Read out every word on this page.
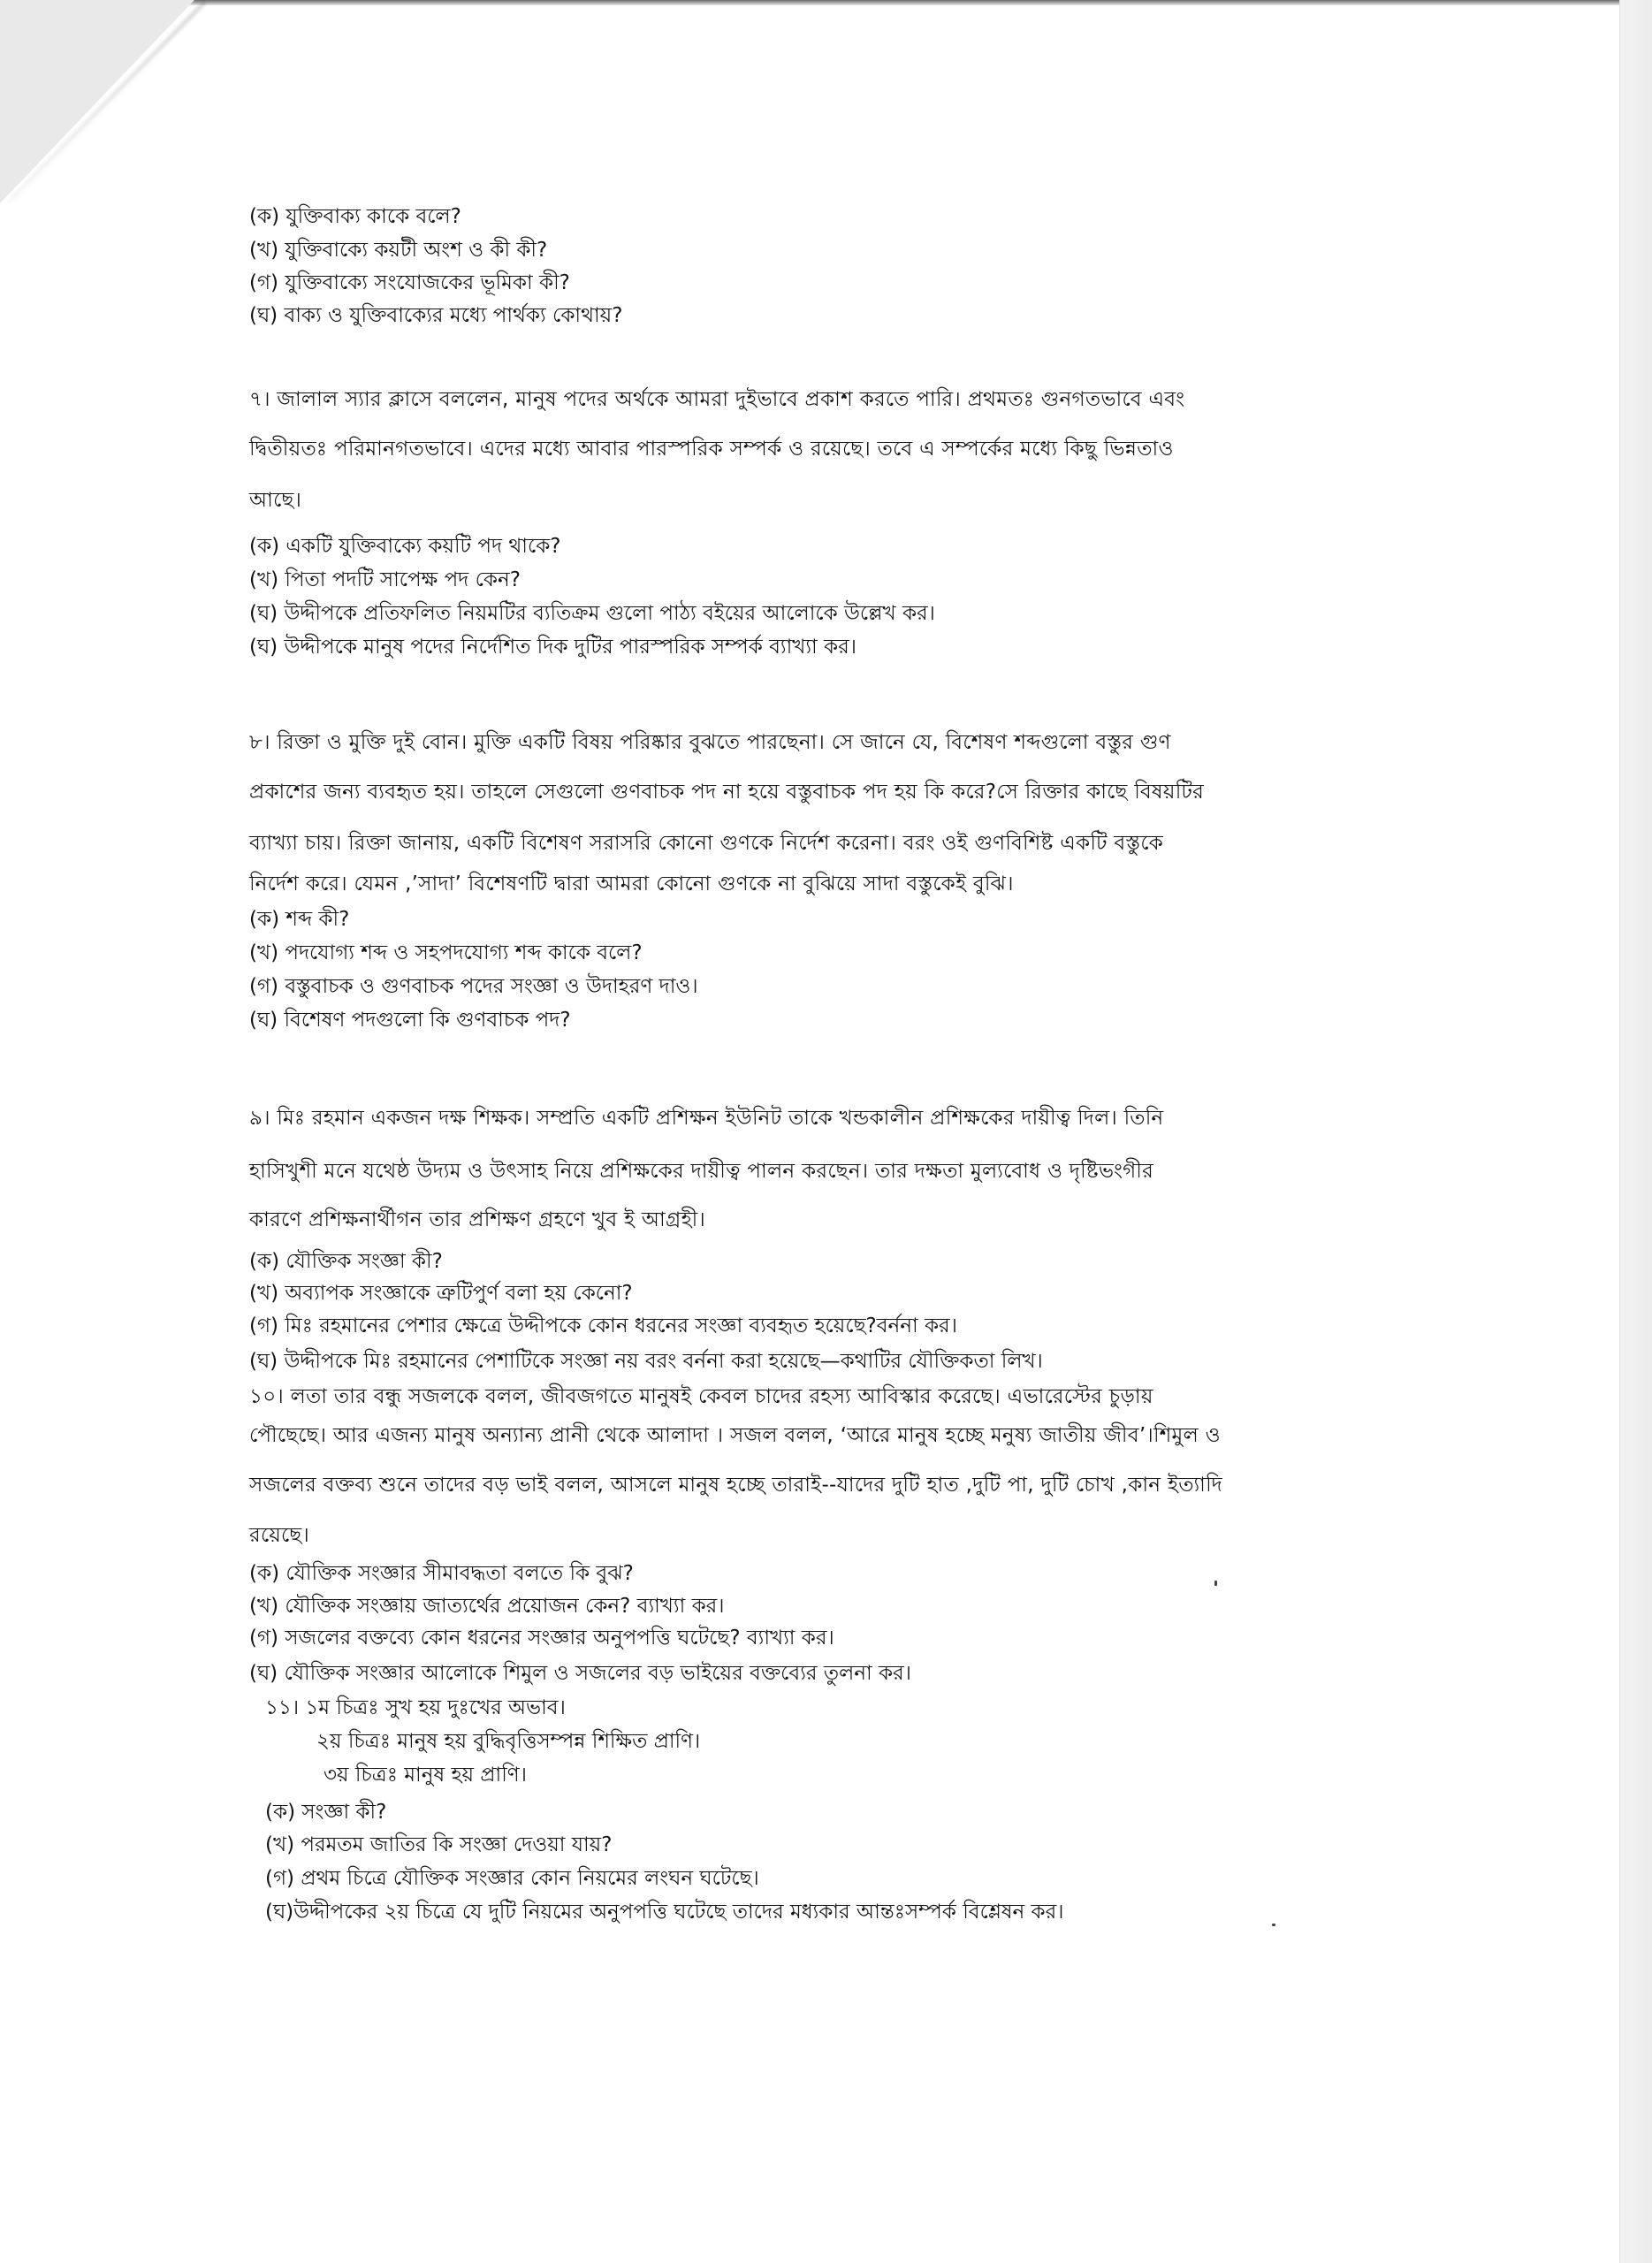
(ক) যুক্তিবাক্য কাকে বলে?
(খ) যুক্তিবাক্যে কয়টী অংশ ও কী কী?
(গ) যুক্তিবাক্যে সংযোজকের ভূমিকা কী?
(ঘ) বাক্য ও যুক্তিবাক্যের মধ্যে পার্থক্য কোথায়?
৭। জালাল স্যার ক্লাসে বললেন, মানুষ পদের অর্থকে আমরা দুইভাবে প্রকাশ করতে পারি। প্রথমতঃ গুনগতভাবে এবং
দ্বিতীয়তঃ পরিমানগতভাবে। এদের মধ্যে আবার পারস্পরিক সম্পর্ক ও রয়েছে। তবে এ সম্পর্কের মধ্যে কিছু ভিন্নতাও
আছে।
(ক) একটি যুক্তিবাক্যে কয়টি পদ থাকে?
(খ) পিতা পদটি সাপেক্ষ পদ কেন?
(ঘ) উদ্দীপকে প্রতিফলিত নিয়মটির ব্যতিক্রম গুলো পাঠ্য বইয়ের আলোকে উল্লেখ কর।
(ঘ) উদ্দীপকে মানুষ পদের নির্দেশিত দিক দুটির পারস্পরিক সম্পর্ক ব্যাখ্যা কর।
৮। রিক্তা ও মুক্তি দুই বোন। মুক্তি একটি বিষয় পরিষ্কার বুঝতে পারছেনা। সে জানে যে, বিশেষণ শব্দগুলো বস্তুর গুণ
প্রকাশের জন্য ব্যবহৃত হয়। তাহলে সেগুলো গুণবাচক পদ না হয়ে বস্তুবাচক পদ হয় কি করে?সে রিক্তার কাছে বিষয়টির
ব্যাখ্যা চায়। রিক্তা জানায়, একটি বিশেষণ সরাসরি কোনো গুণকে নির্দেশ করেনা। বরং ওই গুণবিশিষ্ট একটি বস্তুকে
নির্দেশ করে। যেমন ,’সাদা’ বিশেষণটি দ্বারা আমরা কোনো গুণকে না বুঝিয়ে সাদা বস্তুকেই বুঝি।
(ক) শব্দ কী?
(খ) পদযোগ্য শব্দ ও সহপদযোগ্য শব্দ কাকে বলে?
(গ) বস্তুবাচক ও গুণবাচক পদের সংজ্ঞা ও উদাহরণ দাও।
(ঘ) বিশেষণ পদগুলো কি গুণবাচক পদ?
৯। মিঃ রহমান একজন দক্ষ শিক্ষক। সম্প্রতি একটি প্রশিক্ষন ইউনিট তাকে খন্ডকালীন প্রশিক্ষকের দায়ীত্ব দিল। তিনি
হাসিখুশী মনে যথেষ্ঠ উদ্যম ও উৎসাহ নিয়ে প্রশিক্ষকের দায়ীত্ব পালন করছেন। তার দক্ষতা মুল্যবোধ ও দৃষ্টিভংগীর
কারণে প্রশিক্ষনার্থীগন তার প্রশিক্ষণ গ্রহণে খুব ই আগ্রহী।
(ক) যৌক্তিক সংজ্ঞা কী?
(খ) অব্যাপক সংজ্ঞাকে ত্রুটিপুর্ণ বলা হয় কেনো?
(গ) মিঃ রহমানের পেশার ক্ষেত্রে উদ্দীপকে কোন ধরনের সংজ্ঞা ব্যবহৃত হয়েছে?বর্ননা কর।
(ঘ) উদ্দীপকে মিঃ রহমানের পেশাটিকে সংজ্ঞা নয় বরং বর্ননা করা হয়েছে—কথাটির যৌক্তিকতা লিখ।
১০। লতা তার বন্ধু সজলকে বলল, জীবজগতে মানুষই কেবল চাদের রহস্য আবিস্কার করেছে। এভারেস্টের চুড়ায়
পৌছেছে। আর এজন্য মানুষ অন্যান্য প্রানী থেকে আলাদা । সজল বলল, ‘আরে মানুষ হচ্ছে মনুষ্য জাতীয় জীব’।শিমুল ও
সজলের বক্তব্য শুনে তাদের বড় ভাই বলল, আসলে মানুষ হচ্ছে তারাই--যাদের দুটি হাত ,দুটি পা, দুটি চোখ ,কান ইত্যাদি
রয়েছে।
(ক) যৌক্তিক সংজ্ঞার সীমাবদ্ধতা বলতে কি বুঝ?
(খ) যৌক্তিক সংজ্ঞায় জাত্যর্থের প্রয়োজন কেন? ব্যাখ্যা কর।
(গ) সজলের বক্তব্যে কোন ধরনের সংজ্ঞার অনুপপত্তি ঘটেছে? ব্যাখ্যা কর।
(ঘ) যৌক্তিক সংজ্ঞার আলোকে শিমুল ও সজলের বড় ভাইয়ের বক্তব্যের তুলনা কর।
১১। ১ম চিত্রঃ সুখ হয় দুঃখের অভাব।
২য় চিত্রঃ মানুষ হয় বুদ্ধিবৃত্তিসম্পন্ন শিক্ষিত প্রাণি।
৩য় চিত্রঃ মানুষ হয় প্রাণি।
(ক) সংজ্ঞা কী?
(খ) পরমতম জাতির কি সংজ্ঞা দেওয়া যায়?
(গ) প্রথম চিত্রে যৌক্তিক সংজ্ঞার কোন নিয়মের লংঘন ঘটেছে।
(ঘ)উদ্দীপকের ২য় চিত্রে যে দুটি নিয়মের অনুপপত্তি ঘটেছে তাদের মধ্যকার আন্তঃসম্পর্ক বিশ্লেষন কর।
